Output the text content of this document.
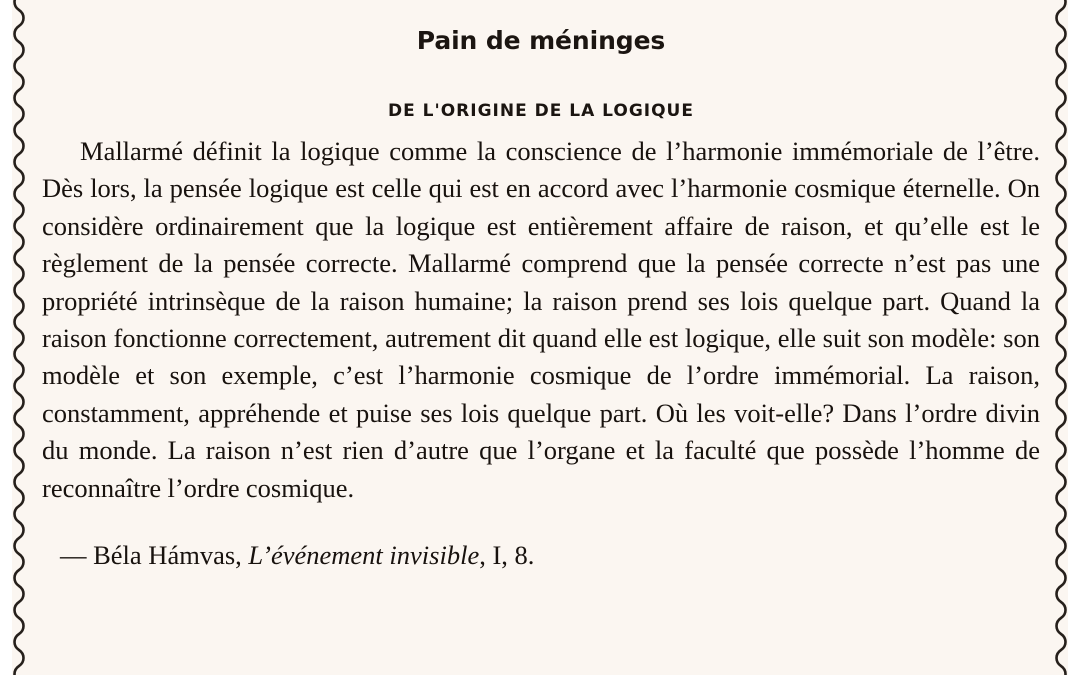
Pain de méninges
DE L'ORIGINE DE LA LOGIQUE

Mallarmé définit la logique comme la conscience de l’harmonie immémoriale de l’être. Dès lors, la pensée logique est celle qui est en accord avec l’harmonie cosmique éternelle. On considère ordinairement que la logique est entièrement affaire de raison, et qu’elle est le règlement de la pensée correcte. Mallarmé comprend que la pensée correcte n’est pas une propriété intrinsèque de la raison humaine; la raison prend ses lois quelque part. Quand la raison fonctionne correctement, autrement dit quand elle est logique, elle suit son modèle: son modèle et son exemple, c’est l’harmonie cosmique de l’ordre immémorial. La raison, constamment, appréhende et puise ses lois quelque part. Où les voit-elle? Dans l’ordre divin du monde. La raison n’est rien d’autre que l’organe et la faculté que possède l’homme de reconnaître l’ordre cosmique.

— Béla Hámvas, L’événement invisible, I, 8.
